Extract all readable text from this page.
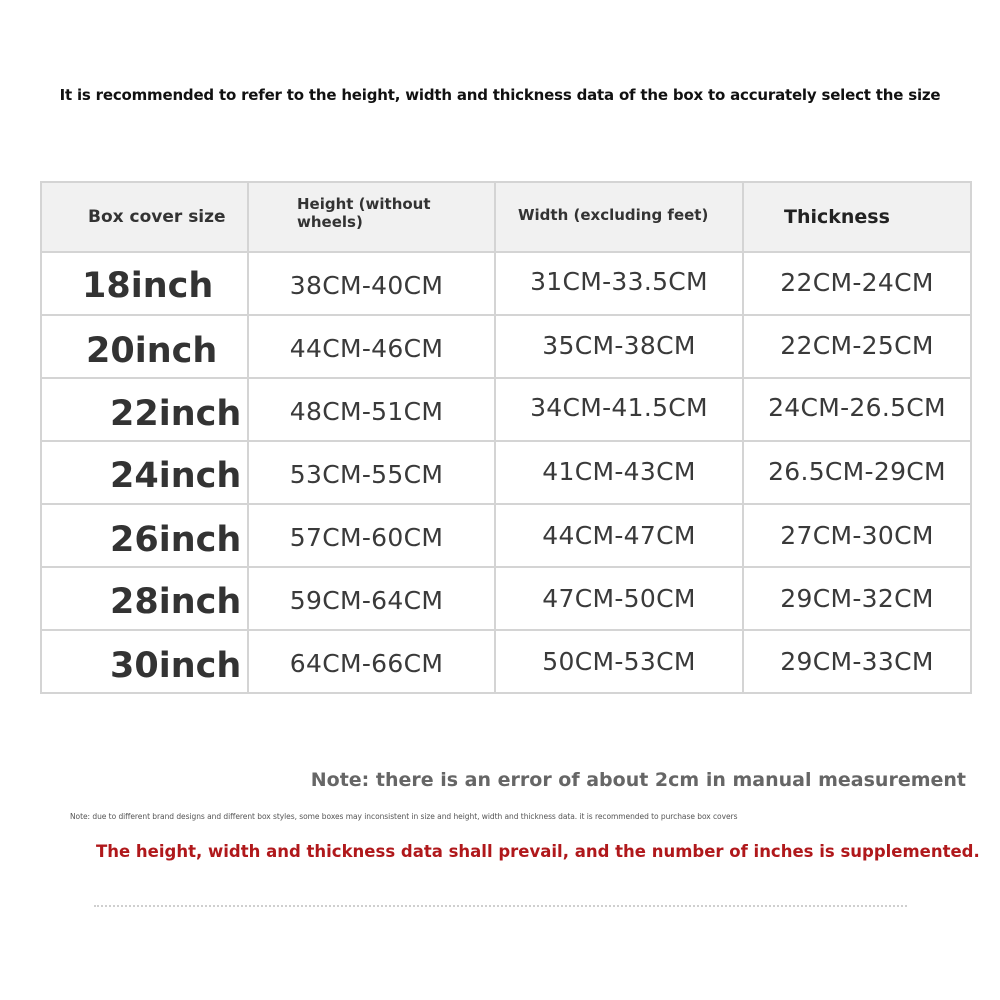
It is recommended to refer to the height, width and thickness data of the box to accurately select the size
Box cover size	Height (without wheels)	Width (excluding feet)	Thickness

18inch	38CM-40CM	31CM-33.5CM	22CM-24CM

20inch	44CM-46CM	35CM-38CM	22CM-25CM

22inch	48CM-51CM	34CM-41.5CM	24CM-26.5CM

24inch	53CM-55CM	41CM-43CM	26.5CM-29CM

26inch	57CM-60CM	44CM-47CM	27CM-30CM

28inch	59CM-64CM	47CM-50CM	29CM-32CM

30inch	64CM-66CM	50CM-53CM	29CM-33CM
Note: there is an error of about 2cm in manual measurement
Note: due to different brand designs and different box styles, some boxes may inconsistent in size and height, width and thickness data. it is recommended to purchase box covers
The height, width and thickness data shall prevail, and the number of inches is supplemented.
